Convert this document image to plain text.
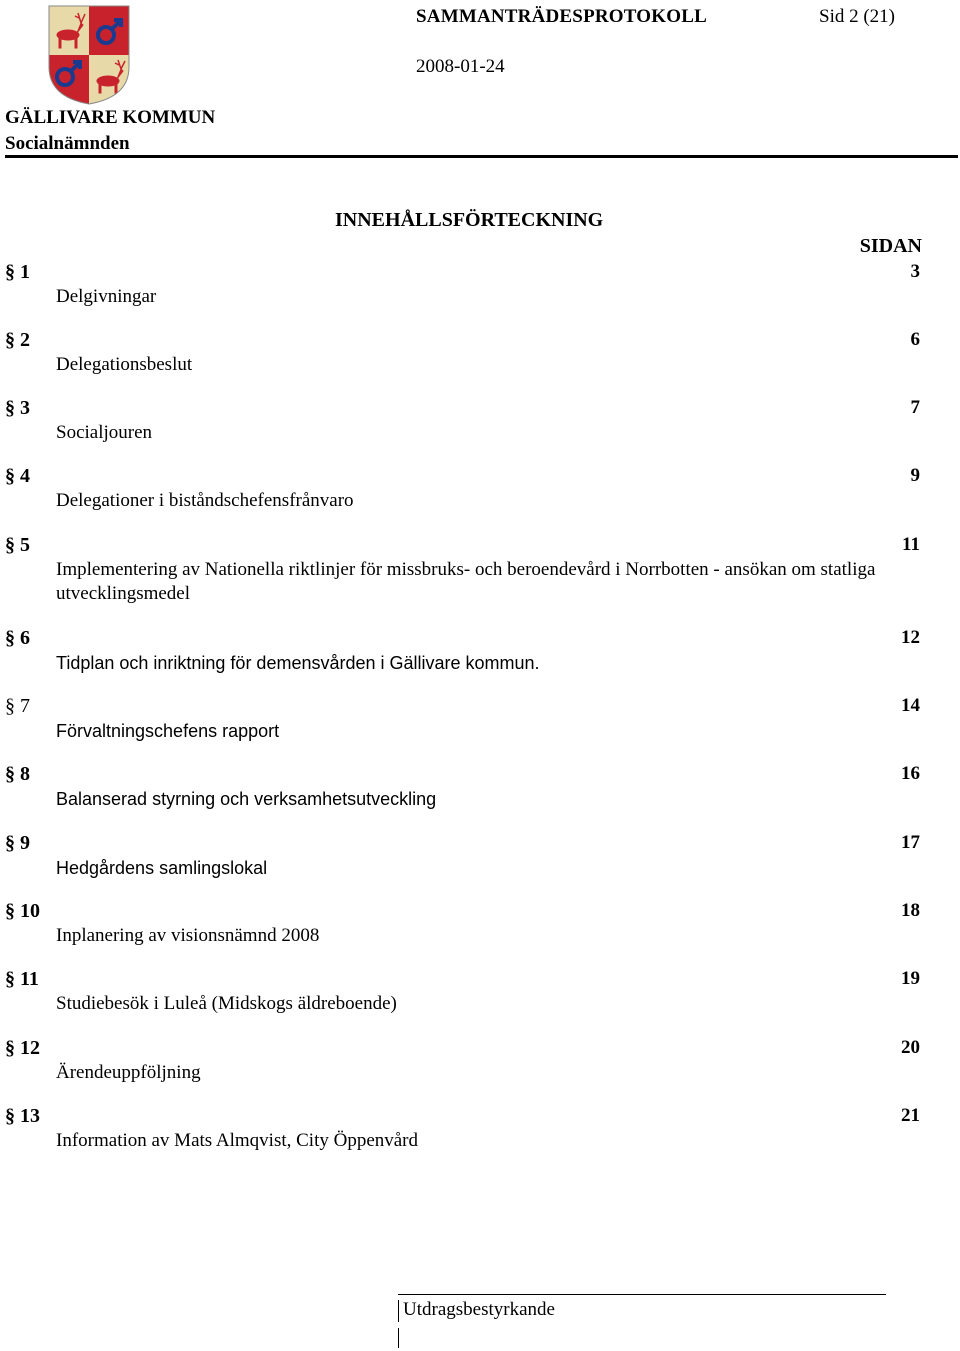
SAMMANTRÄDESPROTOKOLL	Sid 2 (21)
2008-01-24
GÄLLIVARE KOMMUN
Socialnämnden
INNEHÅLLSFÖRTECKNING
SIDAN
§ 1	3
Delgivningar
§ 2	6
Delegationsbeslut
§ 3	7
Socialjouren
§ 4	9
Delegationer i biståndschefensfrånvaro
§ 5	11
Implementering av Nationella riktlinjer för missbruks- och beroendevård i Norrbotten - ansökan om statliga utvecklingsmedel
§ 6	12
Tidplan och inriktning för demensvården i Gällivare kommun.
§ 7	14
Förvaltningschefens rapport
§ 8	16
Balanserad styrning och verksamhetsutveckling
§ 9	17
Hedgårdens samlingslokal
§ 10	18
Inplanering av visionsnämnd 2008
§ 11	19
Studiebesök i Luleå (Midskogs äldreboende)
§ 12	20
Ärendeuppföljning
§ 13	21
Information av Mats Almqvist, City Öppenvård
Utdragsbestyrkande
